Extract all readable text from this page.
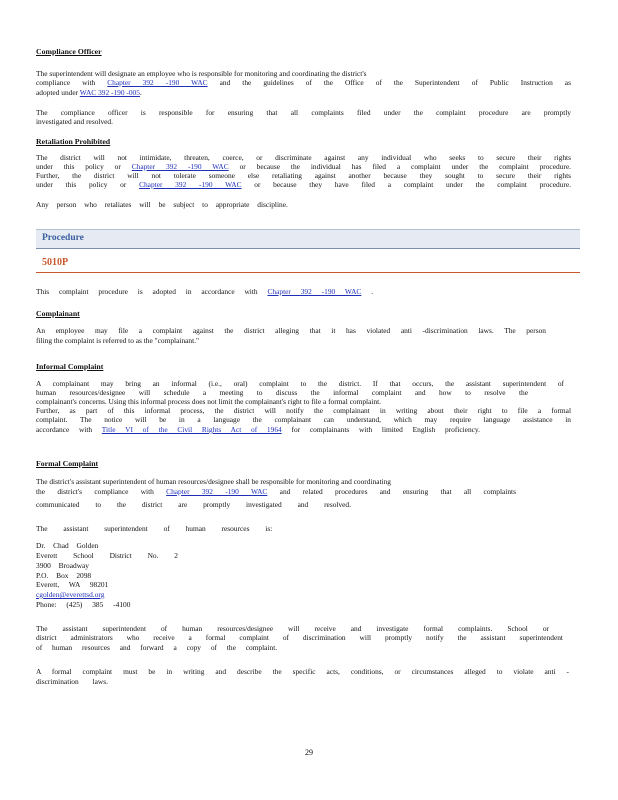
Compliance Officer
The superintendent will designate an employee who is responsible for monitoring and coordinating the district's
compliance with Chapter 392 -190 WAC and the guidelines of the Office of the Superintendent of Public Instruction as
adopted under WAC 392 -190 -005.
The compliance officer is responsible for ensuring that all complaints filed under the complaint procedure are promptly
investigated and resolved.
Retaliation Prohibited
The district will not intimidate, threaten, coerce, or discriminate against any individual who seeks to secure their rights
under this policy or Chapter 392 -190 WAC or because the individual has filed a complaint under the complaint procedure.
Further, the district will not tolerate someone else retaliating against another because they sought to secure their rights
under this policy or Chapter 392 -190 WAC or because they have filed a complaint under the complaint procedure.
Any person who retaliates will be subject to appropriate discipline.
Procedure
5010P
This complaint procedure is adopted in accordance with Chapter 392 -190 WAC .
Complainant
An employee may file a complaint against the district alleging that it has violated anti -discrimination laws. The person
filing the complaint is referred to as the "complainant."
Informal Complaint
A complainant may bring an informal (i.e., oral) complaint to the district. If that occurs, the assistant superintendent of
human resources/designee will schedule a meeting to discuss the informal complaint and how to resolve the
complainant's concerns. Using this informal process does not limit the complainant's right to file a formal complaint.
Further, as part of this informal process, the district will notify the complainant in writing about their right to file a formal
complaint. The notice will be in a language the complainant can understand, which may require language assistance in
accordance with Title VI of the Civil Rights Act of 1964 for complainants with limited English proficiency.
Formal Complaint
The district's assistant superintendent of human resources/designee shall be responsible for monitoring and coordinating
the district's compliance with Chapter 392 -190 WAC and related procedures and ensuring that all complaints
communicated to the district are promptly investigated and resolved.
The assistant superintendent of human resources is:
Dr. Chad Golden
Everett School District No. 2
3900 Broadway
P.O. Box 2098
Everett, WA 98201
cgolden@everettsd.org
Phone: (425) 385 -4100
The assistant superintendent of human resources/designee will receive and investigate formal complaints. School or
district administrators who receive a formal complaint of discrimination will promptly notify the assistant superintendent
of human resources and forward a copy of the complaint.
A formal complaint must be in writing and describe the specific acts, conditions, or circumstances alleged to violate anti -
discrimination laws.
29
